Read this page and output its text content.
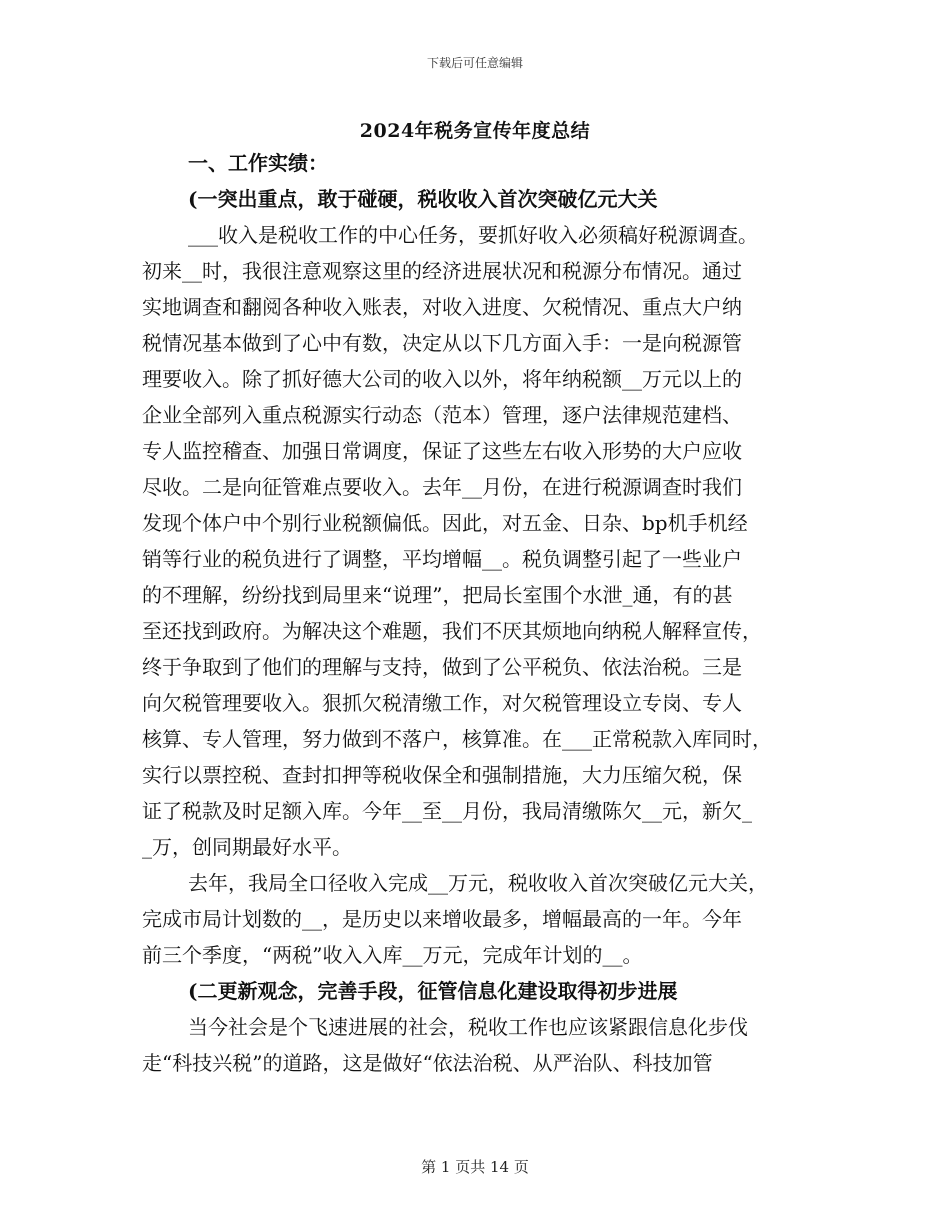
下载后可任意编辑
2024年税务宣传年度总结
一、工作实绩：
(一突出重点，敢于碰硬，税收收入首次突破亿元大关
___收入是税收工作的中心任务，要抓好收入必须稿好税源调查。
初来__时，我很注意观察这里的经济进展状况和税源分布情况。通过
实地调查和翻阅各种收入账表，对收入进度、欠税情况、重点大户纳
税情况基本做到了心中有数，决定从以下几方面入手：一是向税源管
理要收入。除了抓好德大公司的收入以外，将年纳税额__万元以上的
企业全部列入重点税源实行动态（范本）管理，逐户法律规范建档、
专人监控稽查、加强日常调度，保证了这些左右收入形势的大户应收
尽收。二是向征管难点要收入。去年__月份，在进行税源调查时我们
发现个体户中个别行业税额偏低。因此，对五金、日杂、bp机手机经
销等行业的税负进行了调整，平均增幅__。税负调整引起了一些业户
的不理解，纷纷找到局里来“说理”，把局长室围个水泄_通，有的甚
至还找到政府。为解决这个难题，我们不厌其烦地向纳税人解释宣传，
终于争取到了他们的理解与支持，做到了公平税负、依法治税。三是
向欠税管理要收入。狠抓欠税清缴工作，对欠税管理设立专岗、专人
核算、专人管理，努力做到不落户，核算准。在___正常税款入库同时，
实行以票控税、查封扣押等税收保全和强制措施，大力压缩欠税，保
证了税款及时足额入库。今年__至__月份，我局清缴陈欠__元，新欠_
_万，创同期最好水平。
去年，我局全口径收入完成__万元，税收收入首次突破亿元大关，
完成市局计划数的__，是历史以来增收最多，增幅最高的一年。今年
前三个季度，“两税”收入入库__万元，完成年计划的__。
(二更新观念，完善手段，征管信息化建设取得初步进展
当今社会是个飞速进展的社会，税收工作也应该紧跟信息化步伐
走“科技兴税”的道路，这是做好“依法治税、从严治队、科技加管
第 1 页共 14 页
